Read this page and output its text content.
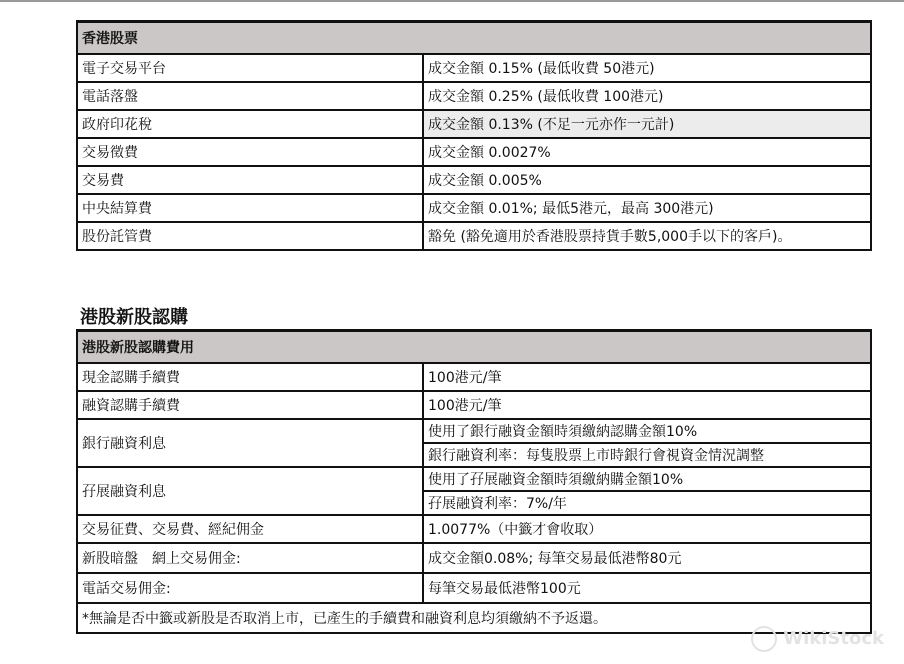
香港股票	
電子交易平台	成交金額 0.15% (最低收費 50港元)
電話落盤	成交金額 0.25% (最低收費 100港元)
政府印花稅	成交金額 0.13% (不足一元亦作一元計)
交易徵費	成交金額 0.0027%
交易費	成交金額 0.005%
中央結算費	成交金額 0.01%; 最低5港元，最高 300港元)
股份託管費	豁免 (豁免適用於香港股票持貨手數5,000手以下的客戶)。
港股新股認購
港股新股認購費用	
現金認購手續費	100港元/筆
融資認購手續費	100港元/筆
銀行融資利息	使用了銀行融資金額時須繳納認購金額10%
	銀行融資利率：每隻股票上市時銀行會視資金情況調整
孖展融資利息	使用了孖展融資金額時須繳納購金額10%
	孖展融資利率：7%/年
交易征費、交易費、經紀佣金	1.0077%（中籤才會收取）
新股暗盤　網上交易佣金:	成交金額0.08%; 每筆交易最低港幣80元
電話交易佣金:	每筆交易最低港幣100元
*無論是否中籤或新股是否取消上市，已產生的手續費和融資利息均須繳納不予返還。	
WikiStock
